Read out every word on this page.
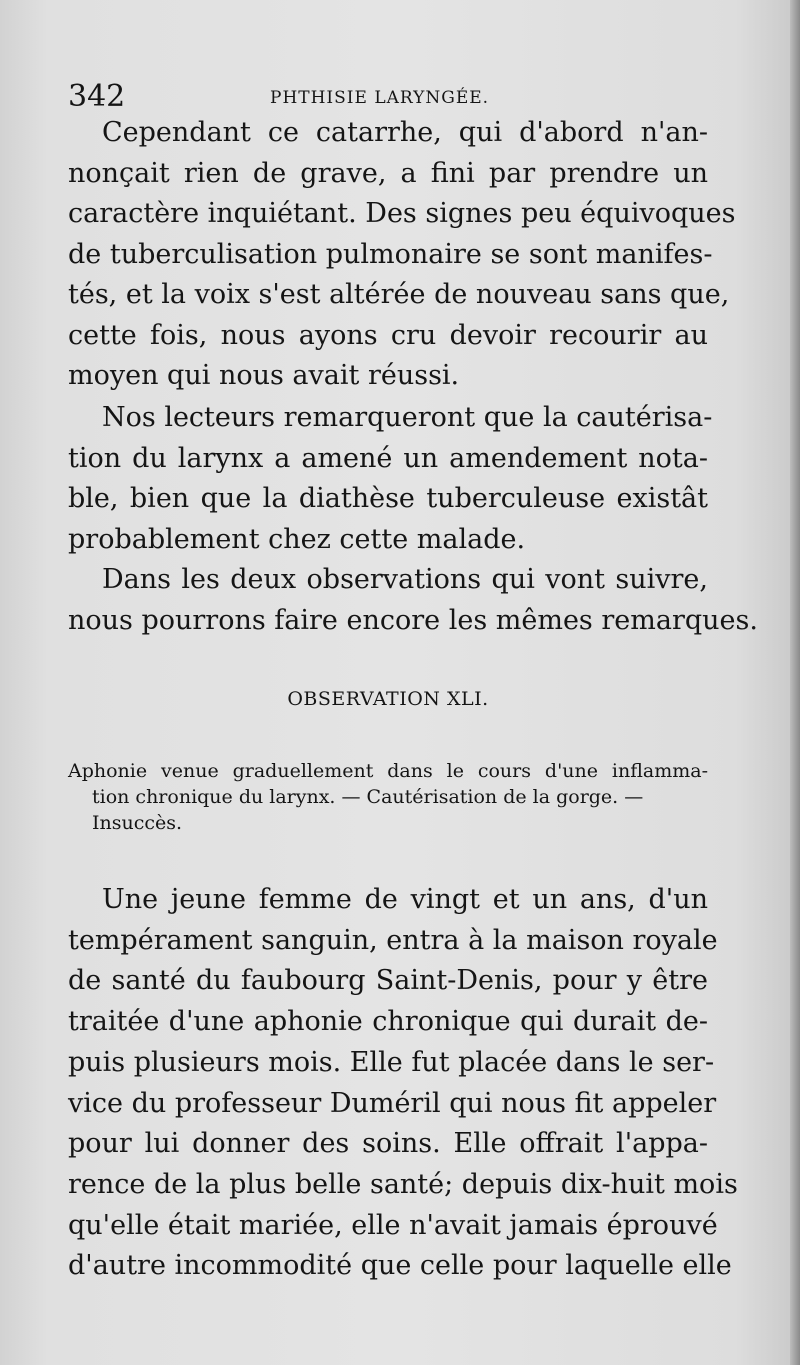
342	PHTHISIE LARYNGÉE.

Cependant ce catarrhe, qui d'abord n'an-
nonçait rien de grave, a fini par prendre un
caractère inquiétant. Des signes peu équivoques
de tuberculisation pulmonaire se sont manifes-
tés, et la voix s'est altérée de nouveau sans que,
cette fois, nous ayons cru devoir recourir au
moyen qui nous avait réussi.

Nos lecteurs remarqueront que la cautérisa-
tion du larynx a amené un amendement nota-
ble, bien que la diathèse tuberculeuse existât
probablement chez cette malade.

Dans les deux observations qui vont suivre,
nous pourrons faire encore les mêmes remarques.

OBSERVATION XLI.
Aphonie venue graduellement dans le cours d'une inflamma-
tion chronique du larynx. — Cautérisation de la gorge. —
Insuccès.

Une jeune femme de vingt et un ans, d'un
tempérament sanguin, entra à la maison royale
de santé du faubourg Saint-Denis, pour y être
traitée d'une aphonie chronique qui durait de-
puis plusieurs mois. Elle fut placée dans le ser-
vice du professeur Duméril qui nous fit appeler
pour lui donner des soins. Elle offrait l'appa-
rence de la plus belle santé; depuis dix-huit mois
qu'elle était mariée, elle n'avait jamais éprouvé
d'autre incommodité que celle pour laquelle elle
